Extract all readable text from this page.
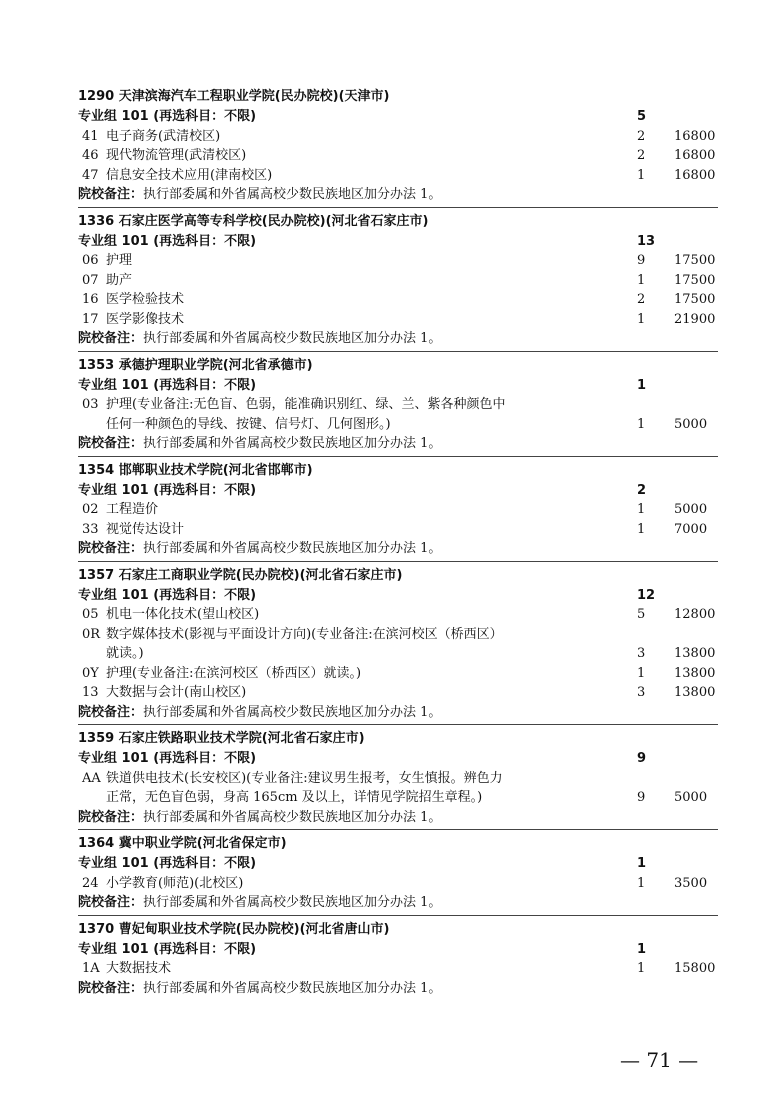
1290 天津滨海汽车工程职业学院(民办院校)(天津市)
专业组 101 (再选科目：不限)	5
41 电子商务(武清校区)	2 16800
46 现代物流管理(武清校区)	2 16800
47 信息安全技术应用(津南校区)	1 16800
院校备注：执行部委属和外省属高校少数民族地区加分办法 1。
1336 石家庄医学高等专科学校(民办院校)(河北省石家庄市)
专业组 101 (再选科目：不限)	13
06 护理	9 17500
07 助产	1 17500
16 医学检验技术	2 17500
17 医学影像技术	1 21900
院校备注：执行部委属和外省属高校少数民族地区加分办法 1。
1353 承德护理职业学院(河北省承德市)
专业组 101 (再选科目：不限)	1
03 护理(专业备注:无色盲、色弱，能准确识别红、绿、兰、紫各种颜色中
任何一种颜色的导线、按键、信号灯、几何图形。)	1 5000
院校备注：执行部委属和外省属高校少数民族地区加分办法 1。
1354 邯郸职业技术学院(河北省邯郸市)
专业组 101 (再选科目：不限)	2
02 工程造价	1 5000
33 视觉传达设计	1 7000
院校备注：执行部委属和外省属高校少数民族地区加分办法 1。
1357 石家庄工商职业学院(民办院校)(河北省石家庄市)
专业组 101 (再选科目：不限)	12
05 机电一体化技术(望山校区)	5 12800
0R 数字媒体技术(影视与平面设计方向)(专业备注:在滨河校区（桥西区）
就读。)	3 13800
0Y 护理(专业备注:在滨河校区（桥西区）就读。)	1 13800
13 大数据与会计(南山校区)	3 13800
院校备注：执行部委属和外省属高校少数民族地区加分办法 1。
1359 石家庄铁路职业技术学院(河北省石家庄市)
专业组 101 (再选科目：不限)	9
AA 铁道供电技术(长安校区)(专业备注:建议男生报考，女生慎报。辨色力
正常，无色盲色弱，身高 165cm 及以上，详情见学院招生章程。)	9 5000
院校备注：执行部委属和外省属高校少数民族地区加分办法 1。
1364 冀中职业学院(河北省保定市)
专业组 101 (再选科目：不限)	1
24 小学教育(师范)(北校区)	1 3500
院校备注：执行部委属和外省属高校少数民族地区加分办法 1。
1370 曹妃甸职业技术学院(民办院校)(河北省唐山市)
专业组 101 (再选科目：不限)	1
1A 大数据技术	1 15800
院校备注：执行部委属和外省属高校少数民族地区加分办法 1。
— 71 —
